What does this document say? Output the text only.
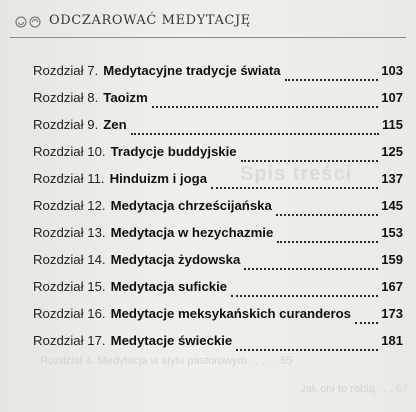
Spis treści
Rozdział 4. Medytacja w stylu pastorowym . . . . . 55
Jak oni to robią . . . 67
ODCZAROWAĆ MEDYTACJĘ
Rozdział 7. Medytacyjne tradycje świata	103
Rozdział 8. Taoizm	107
Rozdział 9. Zen	115
Rozdział 10. Tradycje buddyjskie	125
Rozdział 11. Hinduizm i joga	137
Rozdział 12. Medytacja chrześcijańska	145
Rozdział 13. Medytacja w hezychazmie	153
Rozdział 14. Medytacja żydowska	159
Rozdział 15. Medytacja sufickie	167
Rozdział 16. Medytacje meksykańskich curanderos 173
Rozdział 17. Medytacje świeckie	181
